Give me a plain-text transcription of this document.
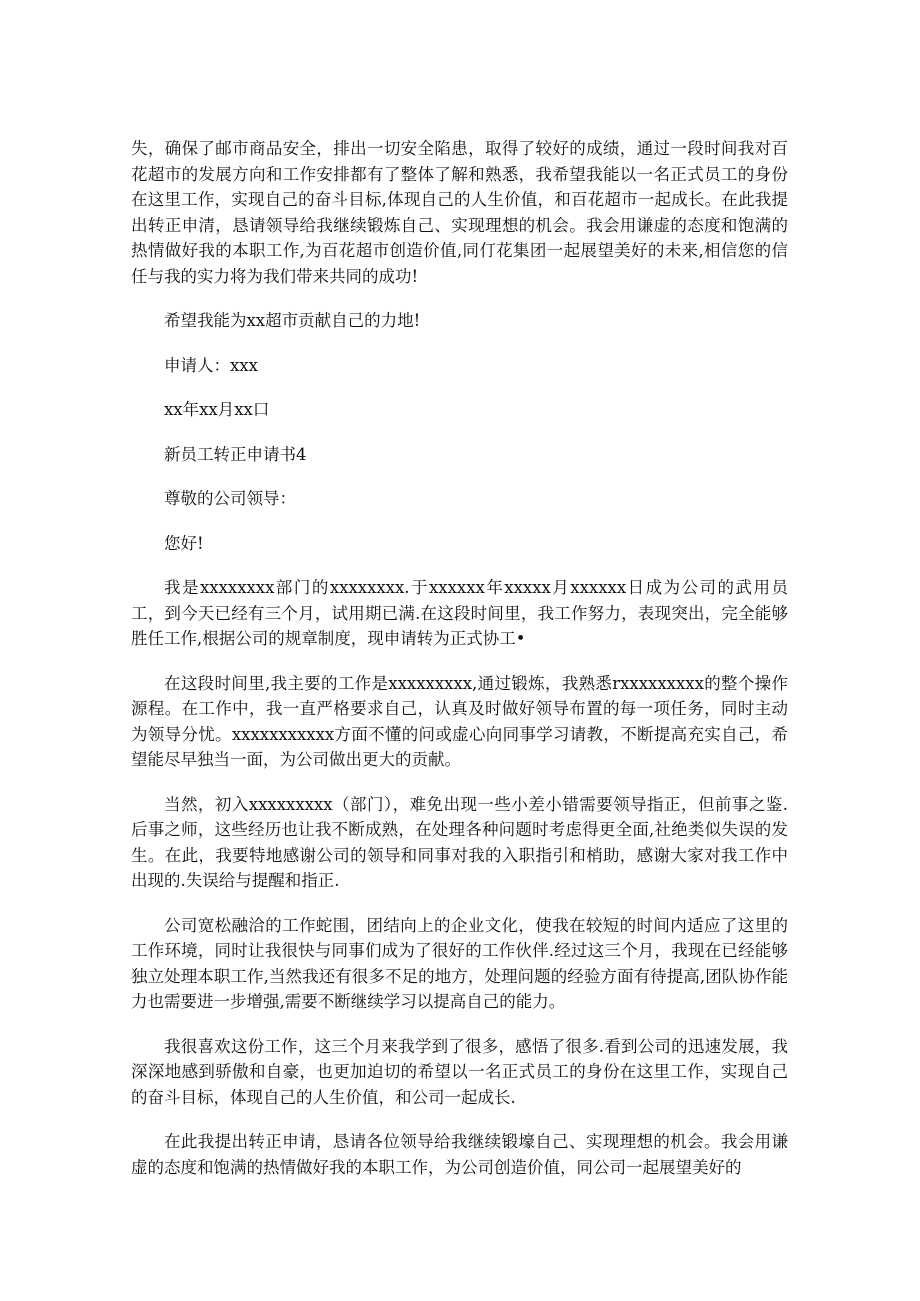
失，确保了邮市商品安全，排出一切安全陷患，取得了较好的成绩，通过一段时间我对百花超市的发展方向和工作安排都有了整体了解和熟悉，我希望我能以一名正式员工的身份在这里工作，实现自己的奋斗目标,体现自己的人生价值，和百花超市一起成长。在此我提出转正申清，恳请领导给我继续锻炼自己、实现理想的机会。我会用谦虚的态度和饱满的热情做好我的本职工作,为百花超市创造价值,同仃花集团一起展望美好的未来,相信您的信任与我的实力将为我们带来共同的成功!

希望我能为xx超市贡献自己的力地!

申请人：xxx

xx年xx月xx口

新员工转正申请书4

尊敬的公司领导：

您好!

我是xxxxxxxx部门的xxxxxxxx.于xxxxxx年xxxxx月xxxxxx日成为公司的武用员工，到今天已经有三个月，试用期已满.在这段时间里，我工作努力，表现突出，完全能够胜任工作,根据公司的规章制度，现申请转为正式协工•

在这段时间里,我主要的工作是xxxxxxxxx,通过锻炼，我熟悉rxxxxxxxxx的整个操作源程。在工作中，我一直严格要求自己，认真及时做好领导布置的每一项任务，同时主动为领导分忧。xxxxxxxxxxx方面不懂的问或虚心向同事学习请教，不断提高充实自己，希望能尽早独当一面，为公司做出更大的贡献。

当然，初入xxxxxxxxx（部门），难免出现一些小差小错需要领导指正，但前事之鉴.后事之师，这些经历也让我不断成熟，在处理各种问题时考虑得更全面,社绝类似失误的发生。在此，我要特地感谢公司的领导和同事对我的入职指引和梢助，感谢大家对我工作中出现的.失误给与提醒和指正.

公司宽松融洽的工作蛇围，团结向上的企业文化，使我在较短的时间内适应了这里的工作环境，同时让我很快与同事们成为了很好的工作伙伴.经过这三个月，我现在已经能够独立处理本职工作,当然我还有很多不足的地方，处理问题的经验方面有待提高,团队协作能力也需要进一步增强,需要不断继续学习以提高自己的能力。

我很喜欢这份工作，这三个月来我学到了很多，感悟了很多.看到公司的迅速发展，我深深地感到骄傲和自豪，也更加迫切的希望以一名正式员工的身份在这里工作，实现自己的奋斗目标，体现自己的人生价值，和公司一起成长.

在此我提出转正申请，恳请各位领导给我继续锻壕自己、实现理想的机会。我会用谦虚的态度和饱满的热情做好我的本职工作，为公司创造价值，同公司一起展望美好的
